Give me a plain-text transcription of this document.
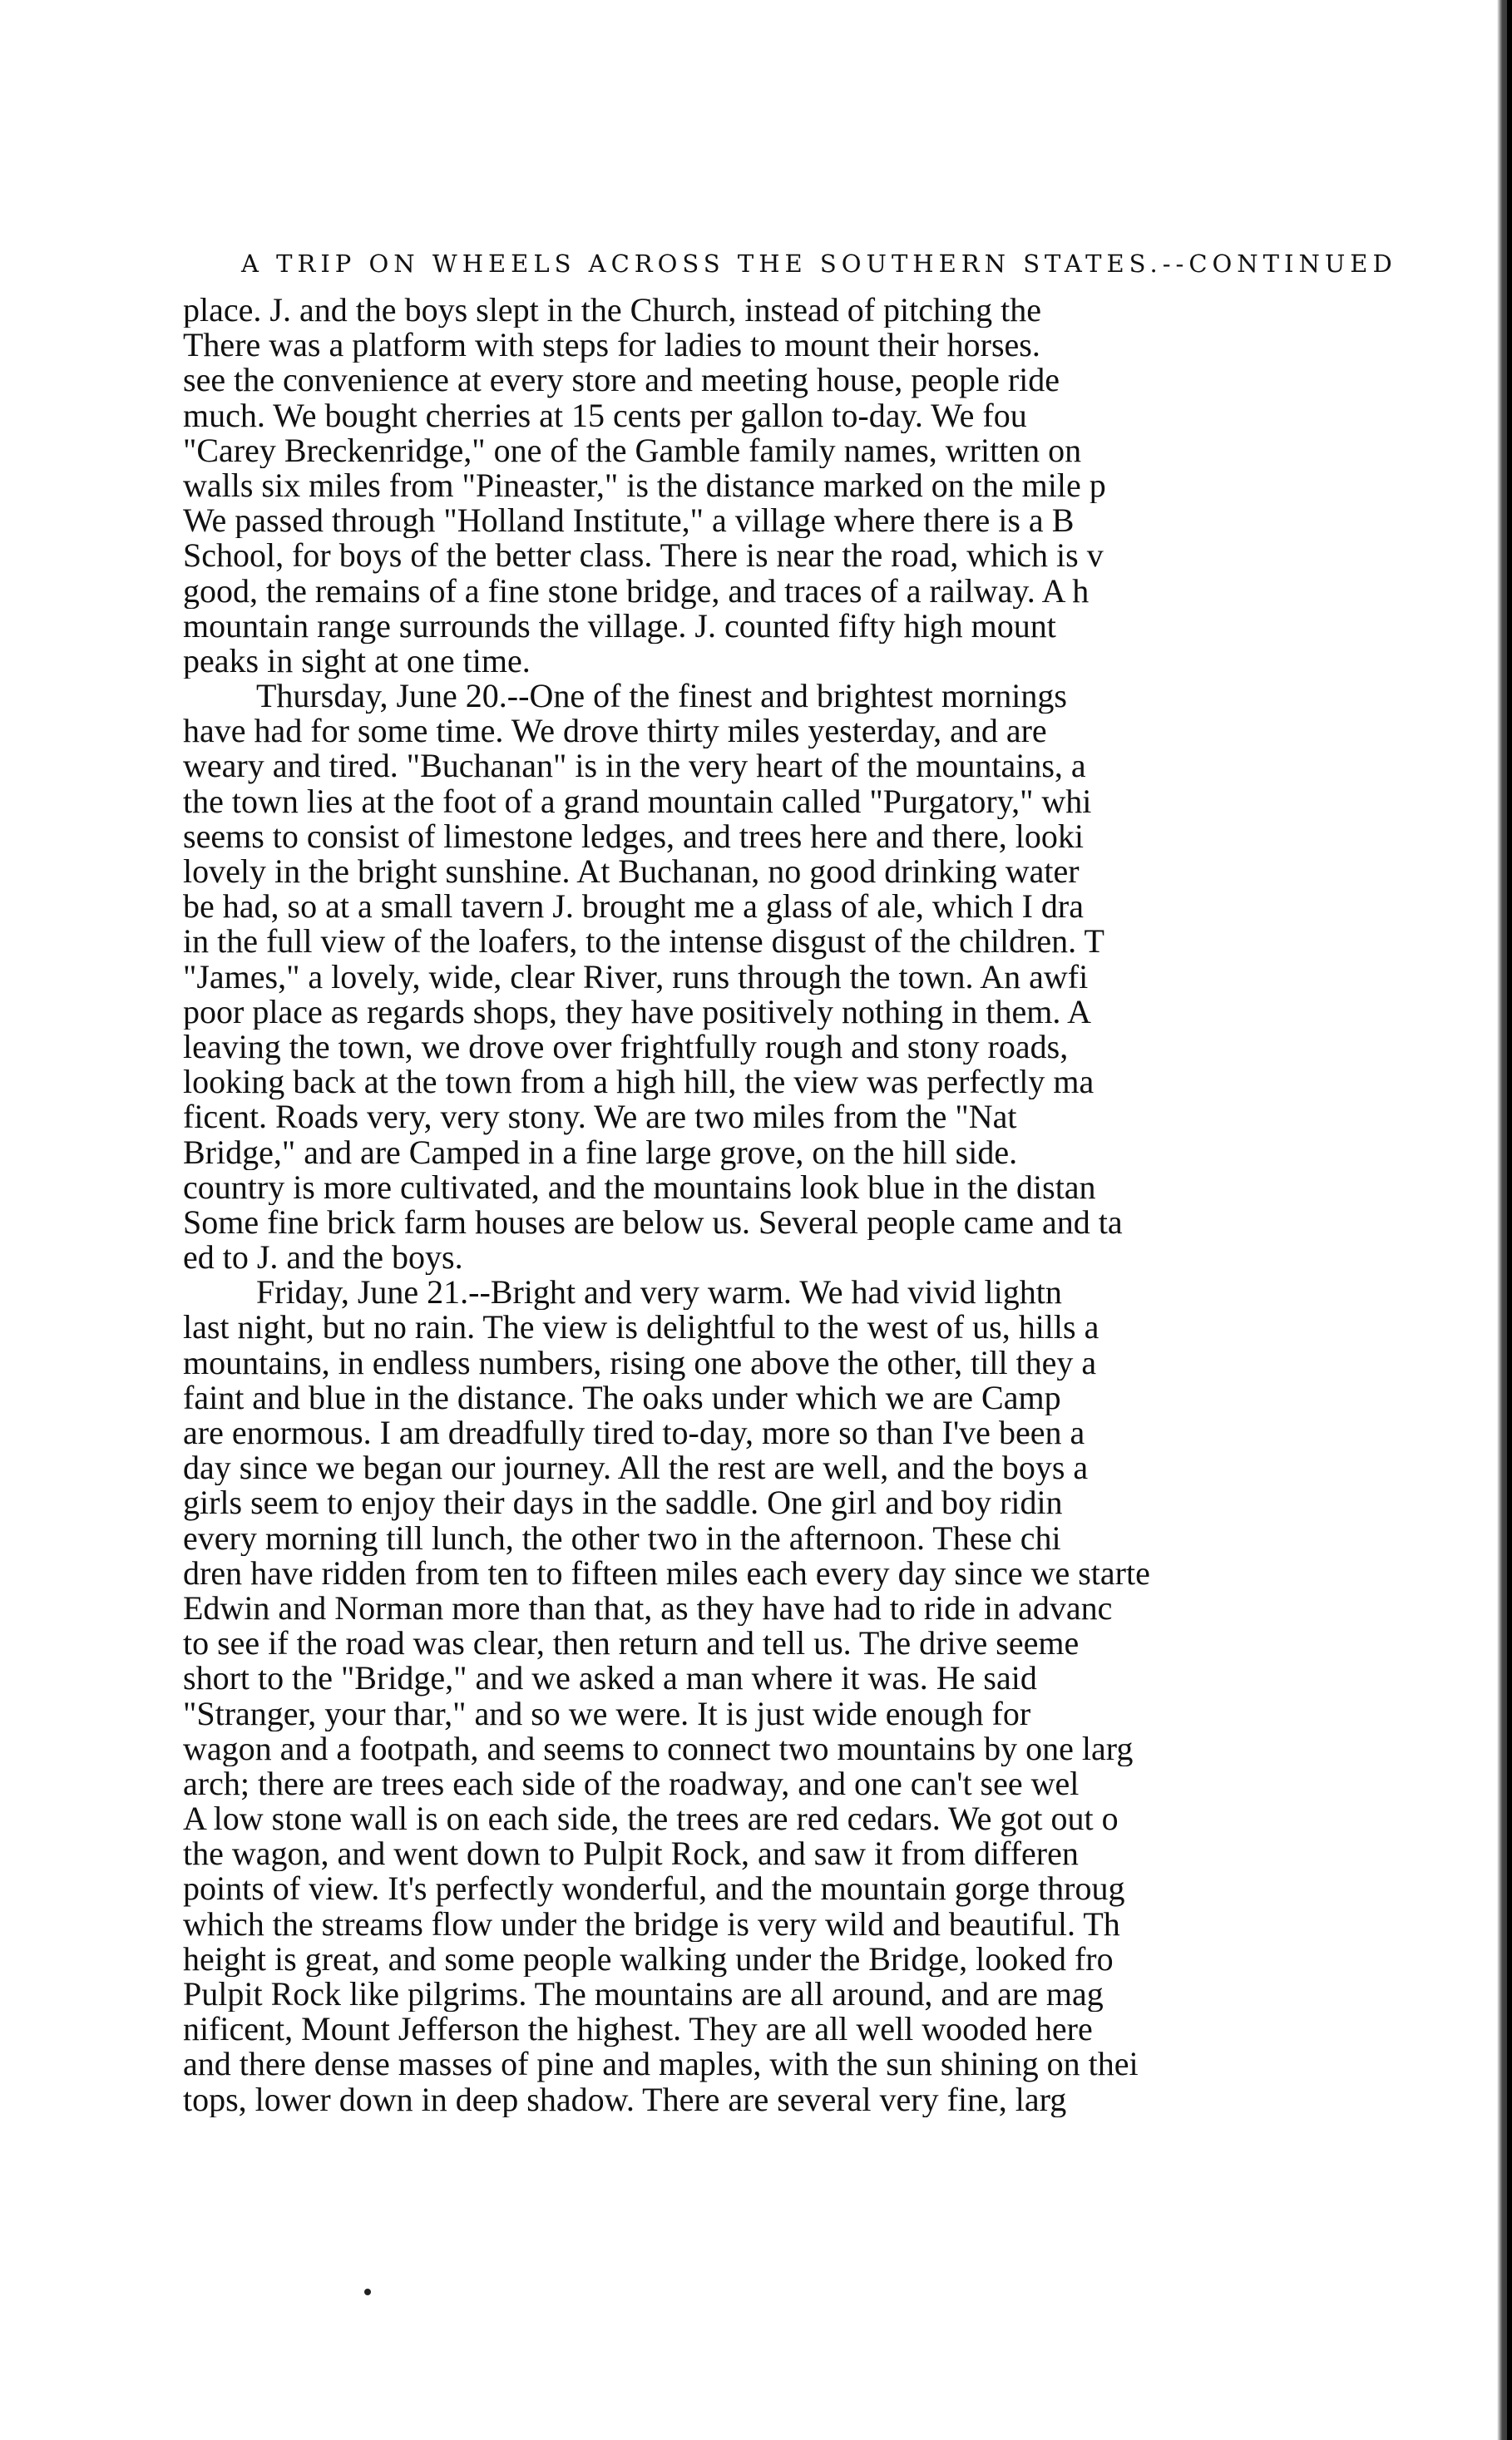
A TRIP ON WHEELS ACROSS THE SOUTHERN STATES.--CONTINUED
place. J. and the boys slept in the Church, instead of pitching the
There was a platform with steps for ladies to mount their horses.
see the convenience at every store and meeting house, people ride
much. We bought cherries at 15 cents per gallon to-day. We fou
"Carey Breckenridge," one of the Gamble family names, written on
walls six miles from "Pineaster," is the distance marked on the mile p
We passed through "Holland Institute," a village where there is a B
School, for boys of the better class. There is near the road, which is v
good, the remains of a fine stone bridge, and traces of a railway. A h
mountain range surrounds the village. J. counted fifty high mount
peaks in sight at one time.
Thursday, June 20.--One of the finest and brightest mornings
have had for some time. We drove thirty miles yesterday, and are
weary and tired. "Buchanan" is in the very heart of the mountains, a
the town lies at the foot of a grand mountain called "Purgatory," whi
seems to consist of limestone ledges, and trees here and there, looki
lovely in the bright sunshine. At Buchanan, no good drinking water
be had, so at a small tavern J. brought me a glass of ale, which I dra
in the full view of the loafers, to the intense disgust of the children. T
"James," a lovely, wide, clear River, runs through the town. An awfi
poor place as regards shops, they have positively nothing in them. A
leaving the town, we drove over frightfully rough and stony roads,
looking back at the town from a high hill, the view was perfectly ma
ficent. Roads very, very stony. We are two miles from the "Nat
Bridge," and are Camped in a fine large grove, on the hill side.
country is more cultivated, and the mountains look blue in the distan
Some fine brick farm houses are below us. Several people came and ta
ed to J. and the boys.
Friday, June 21.--Bright and very warm. We had vivid lightn
last night, but no rain. The view is delightful to the west of us, hills a
mountains, in endless numbers, rising one above the other, till they a
faint and blue in the distance. The oaks under which we are Camp
are enormous. I am dreadfully tired to-day, more so than I've been a
day since we began our journey. All the rest are well, and the boys a
girls seem to enjoy their days in the saddle. One girl and boy ridin
every morning till lunch, the other two in the afternoon. These chi
dren have ridden from ten to fifteen miles each every day since we starte
Edwin and Norman more than that, as they have had to ride in advanc
to see if the road was clear, then return and tell us. The drive seeme
short to the "Bridge," and we asked a man where it was. He said
"Stranger, your thar," and so we were. It is just wide enough for
wagon and a footpath, and seems to connect two mountains by one larg
arch; there are trees each side of the roadway, and one can't see wel
A low stone wall is on each side, the trees are red cedars. We got out o
the wagon, and went down to Pulpit Rock, and saw it from differen
points of view. It's perfectly wonderful, and the mountain gorge throug
which the streams flow under the bridge is very wild and beautiful. Th
height is great, and some people walking under the Bridge, looked fro
Pulpit Rock like pilgrims. The mountains are all around, and are mag
nificent, Mount Jefferson the highest. They are all well wooded here
and there dense masses of pine and maples, with the sun shining on thei
tops, lower down in deep shadow. There are several very fine, larg
